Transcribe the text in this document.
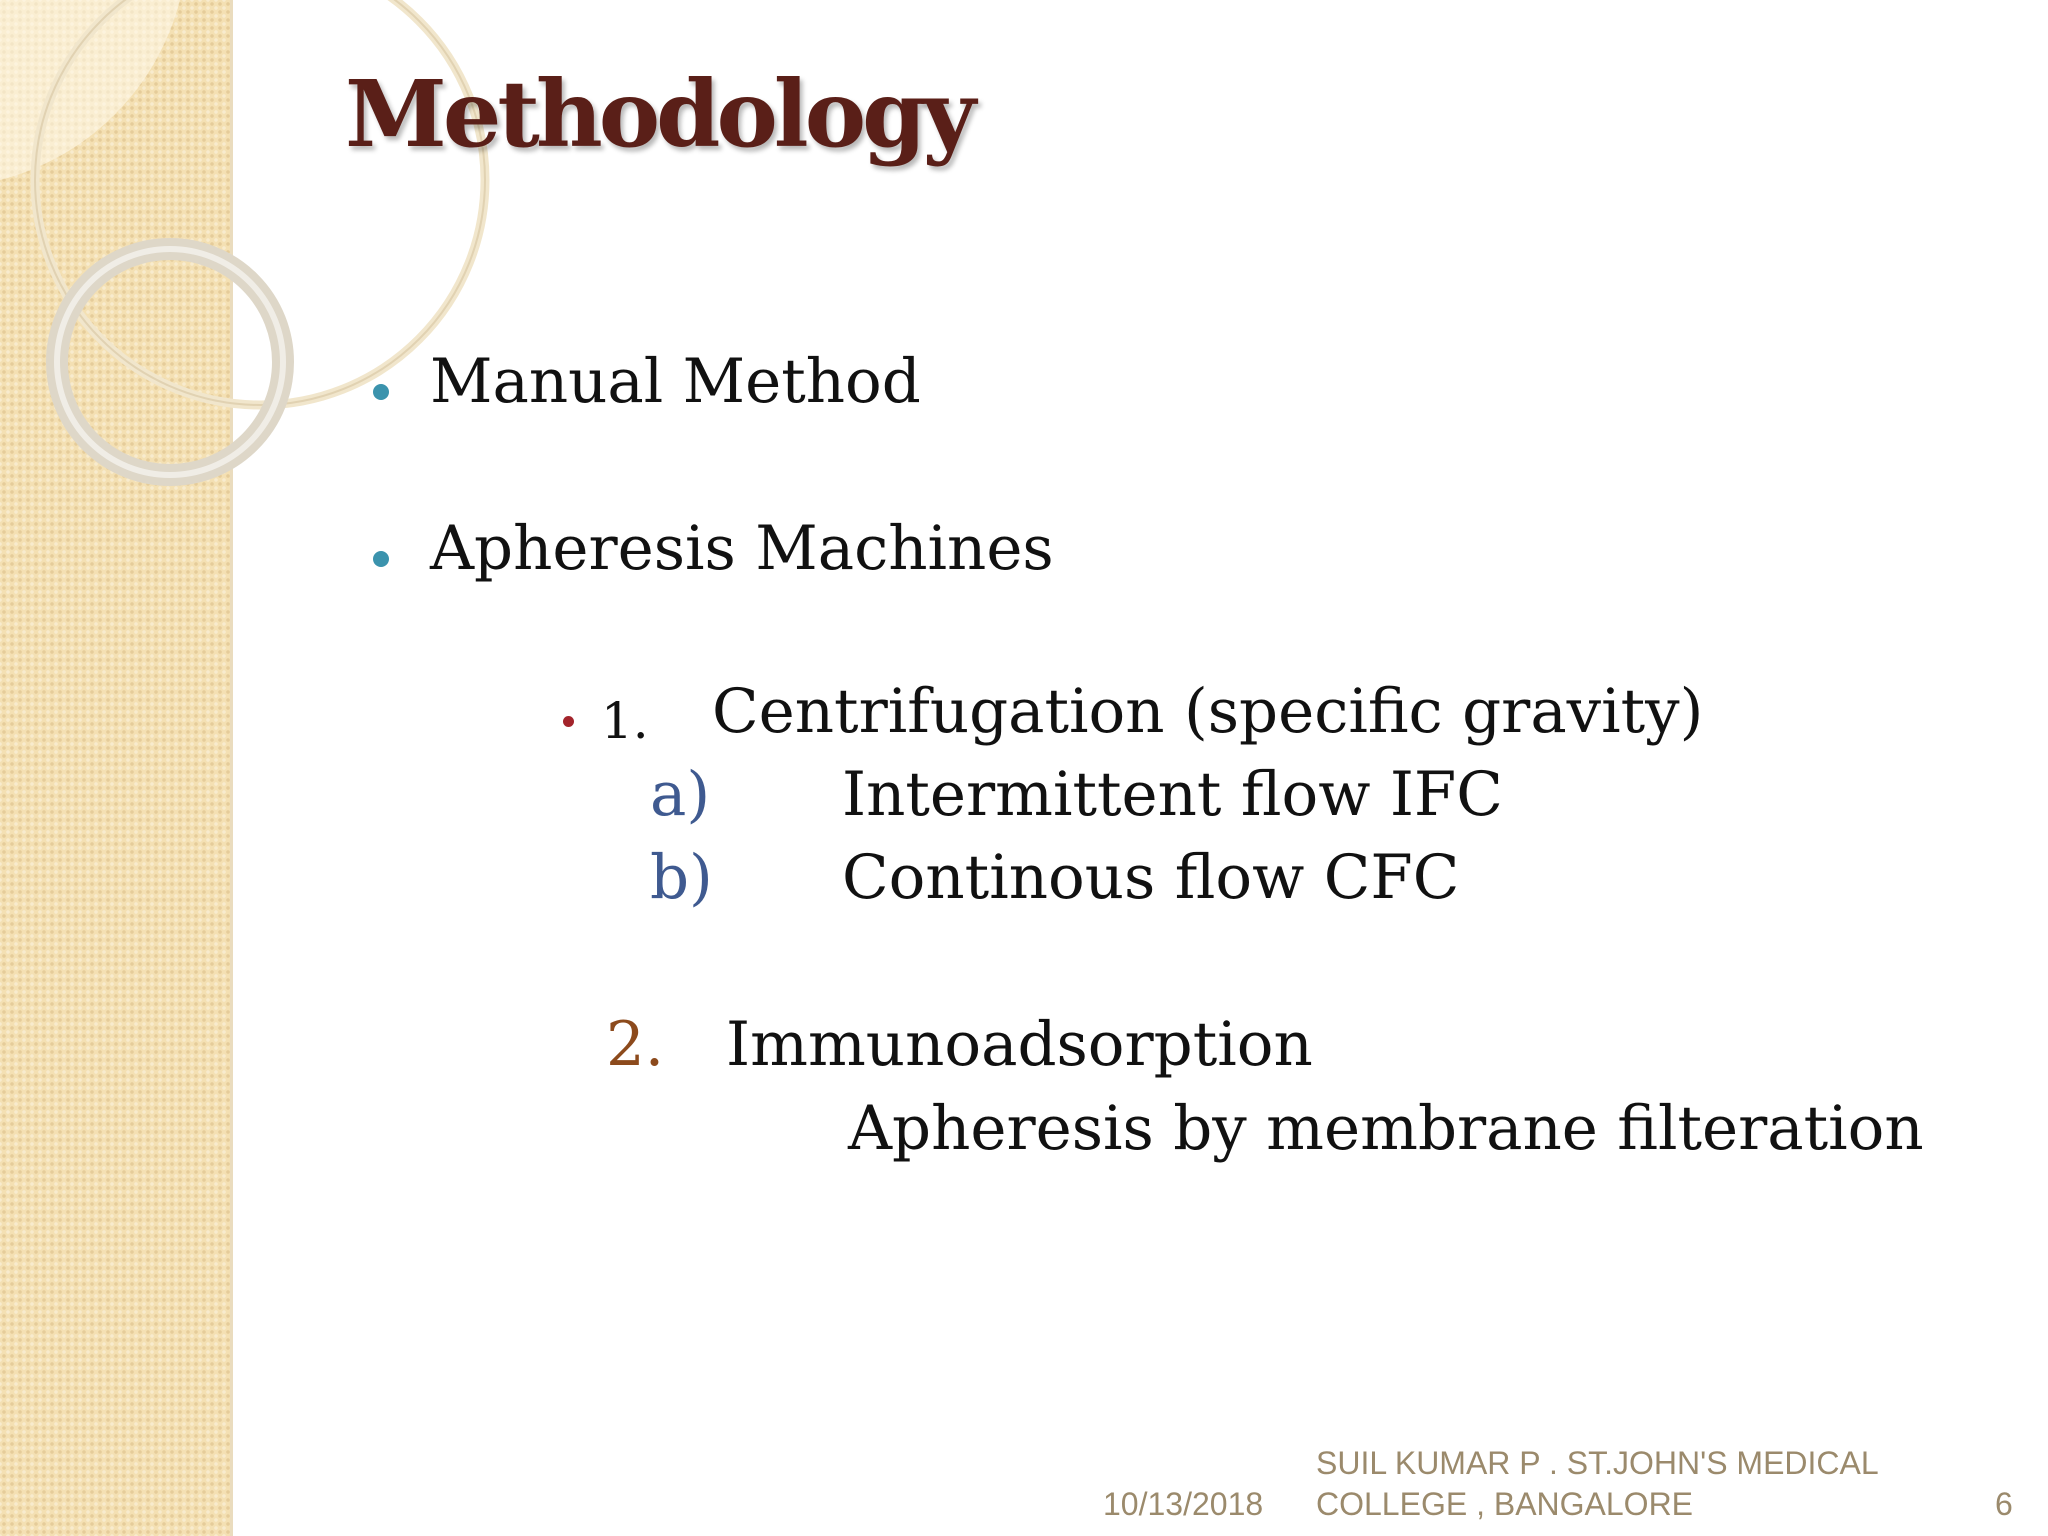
Methodology
Manual Method
Apheresis Machines
1. Centrifugation (specific gravity)
a) Intermittent flow IFC
b) Continous flow CFC
2. Immunoadsorption
Apheresis by membrane filteration
10/13/2018
SUIL KUMAR P . ST.JOHN'S MEDICAL
COLLEGE , BANGALORE	6
